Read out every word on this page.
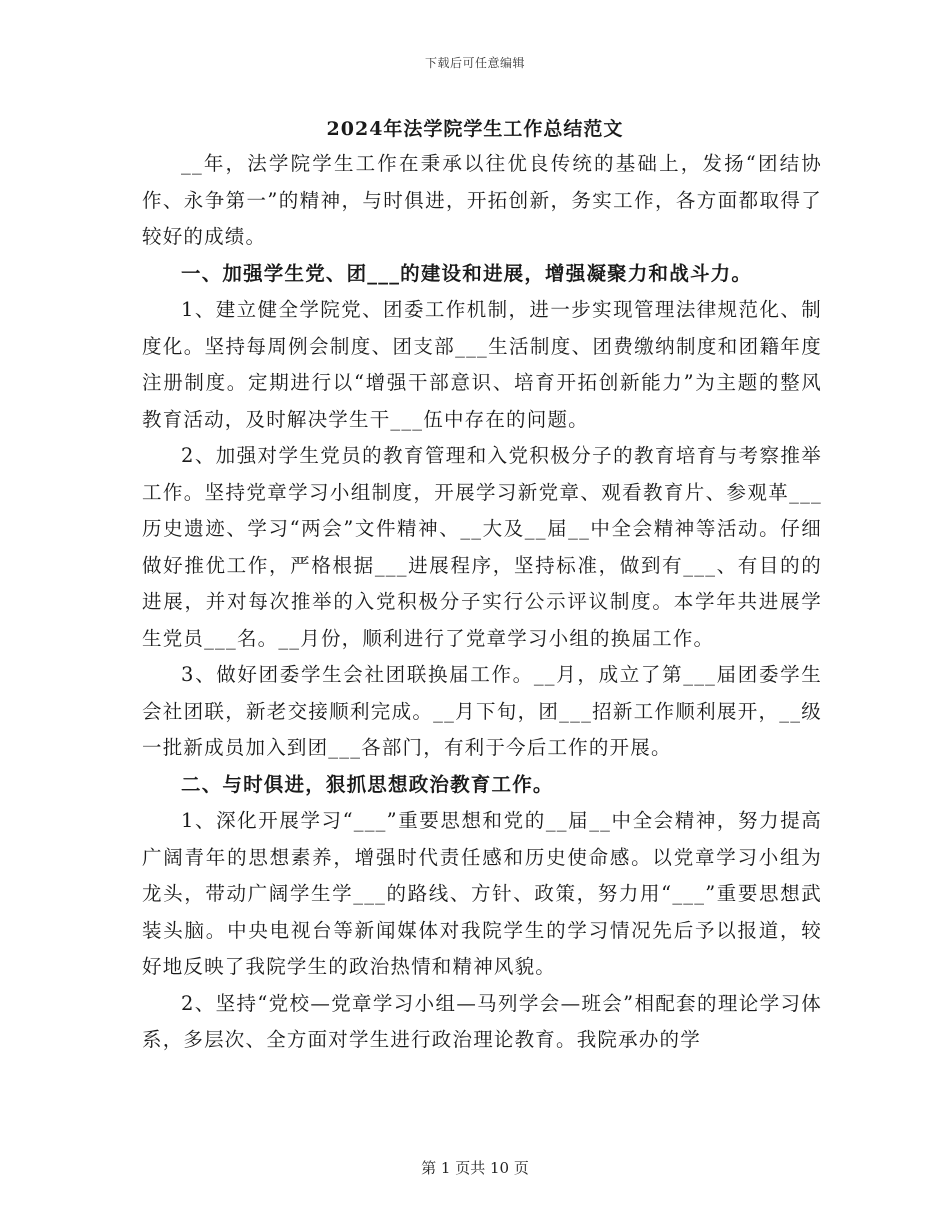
下载后可任意编辑
2024年法学院学生工作总结范文

__年，法学院学生工作在秉承以往优良传统的基础上，发扬“团结协作、永争第一”的精神，与时俱进，开拓创新，务实工作，各方面都取得了较好的成绩。

一、加强学生党、团___的建设和进展，增强凝聚力和战斗力。

1、建立健全学院党、团委工作机制，进一步实现管理法律规范化、制度化。坚持每周例会制度、团支部___生活制度、团费缴纳制度和团籍年度注册制度。定期进行以“增强干部意识、培育开拓创新能力”为主题的整风教育活动，及时解决学生干___伍中存在的问题。

2、加强对学生党员的教育管理和入党积极分子的教育培育与考察推举工作。坚持党章学习小组制度，开展学习新党章、观看教育片、参观革___历史遗迹、学习“两会”文件精神、__大及__届__中全会精神等活动。仔细做好推优工作，严格根据___进展程序，坚持标准，做到有___、有目的的进展，并对每次推举的入党积极分子实行公示评议制度。本学年共进展学生党员___名。__月份，顺利进行了党章学习小组的换届工作。

3、做好团委学生会社团联换届工作。__月，成立了第___届团委学生会社团联，新老交接顺利完成。__月下旬，团___招新工作顺利展开，__级一批新成员加入到团___各部门，有利于今后工作的开展。

二、与时俱进，狠抓思想政治教育工作。

1、深化开展学习“___”重要思想和党的__届__中全会精神，努力提高广阔青年的思想素养，增强时代责任感和历史使命感。以党章学习小组为龙头，带动广阔学生学___的路线、方针、政策，努力用“___”重要思想武装头脑。中央电视台等新闻媒体对我院学生的学习情况先后予以报道，较好地反映了我院学生的政治热情和精神风貌。

2、坚持“党校—党章学习小组—马列学会—班会”相配套的理论学习体系，多层次、全方面对学生进行政治理论教育。我院承办的学

第 1 页共 10 页
